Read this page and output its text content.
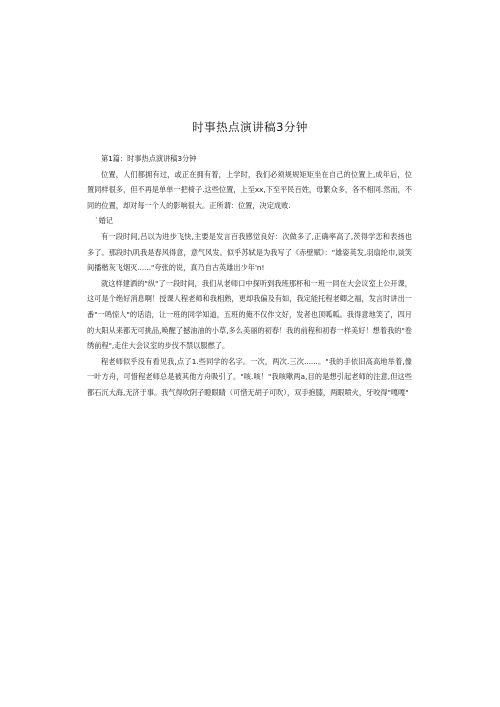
时事热点演讲稿3分钟

第1篇：时事热点演讲稿3分钟

位置，人们都拥有过，或正在拥有着，上学时，我们必须规规矩矩坐在自己的位置上,成年后，位置同样很多，但不再是单单一把椅子.这些位置，上至xx,下至平民百姓，母繁众多，各不相同.然而，不同的位置，却对每一个人的影响很大。正所谓：位置，决定成败.

`婚记

有一段时间,吕以为进步飞快,主要是发言百我感觉良好：次做多了,正确率高了,茨得学恋和表扬也多了。那段时\叽我是春风得意，意气风发。似乎苏轼是为我写了《赤壁赋》："雄姿英发,羽扇纶巾,谈笑间播楷灰飞烟灭......"夸张的说，真乃自古英雄出少年'n!

就这样建洒的"纵"了一段时间，我们从老师口中探听到我班那杯和一班一同在大会议室上公开课，这可是个绝好消息啊！授课人程老师和我相熟，更却我偏及有如，我定能托程老卿之福，发言时讲出一番"一鸣惊人"的话语，让一班的同学知道，五班的俺不仅作文好，发者也顶呱呱。我得意地笑了，四月的大阳从来都无可挑品,唤醒了撼油油的小草,多么美丽的初春！我的前程和初春一样美好！想着我的"卷绣前程",走住大会议室的步伐不禁以服燃了。

程老师似乎没有看见我,点了1.些同学的名字。一次，两次.三次......。"我的手依旧高高地举着,像一叶方舟，可惜程老师总是被其他方舟吸引了。"咳.咳！"我咳嗽两a,目的是想引起老师的注意,但这些都石沉大海,无济于事。我气得吹阴子瞪眼睛（可惜无胡子可吹），双手抱膝，两眼喷火，牙咬得"嘎嘎"
